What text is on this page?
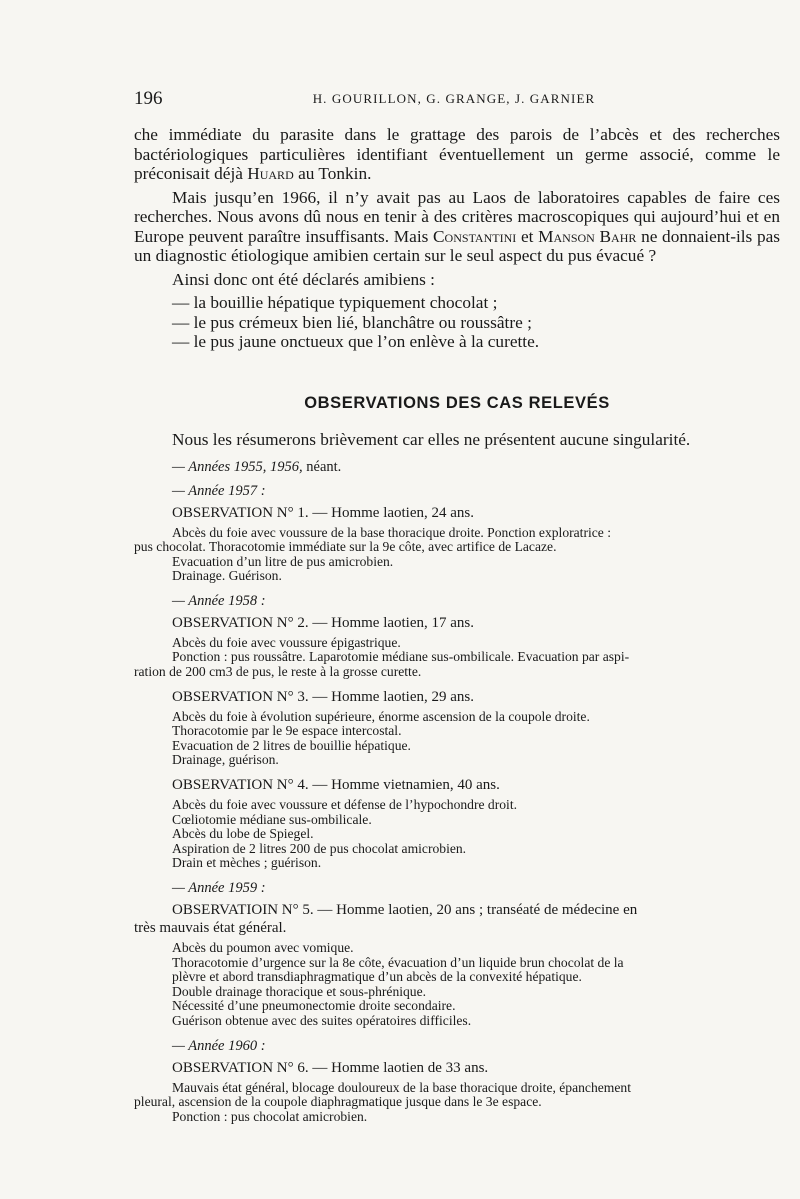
196	H. GOURILLON, G. GRANGE, J. GARNIER

che immédiate du parasite dans le grattage des parois de l’abcès et des recherches bactériologiques particulières identifiant éventuellement un germe associé, comme le préconisait déjà Huard au Tonkin.

Mais jusqu’en 1966, il n’y avait pas au Laos de laboratoires capables de faire ces recherches. Nous avons dû nous en tenir à des critères macroscopiques qui aujourd’hui et en Europe peuvent paraître insuffisants. Mais Constantini et Manson Bahr ne donnaient-ils pas un diagnostic étiologique amibien certain sur le seul aspect du pus évacué ?

Ainsi donc ont été déclarés amibiens :

— la bouillie hépatique typiquement chocolat ;
— le pus crémeux bien lié, blanchâtre ou roussâtre ;
— le pus jaune onctueux que l’on enlève à la curette.
OBSERVATIONS DES CAS RELEVÉS

Nous les résumerons brièvement car elles ne présentent aucune singularité.

— Années 1955, 1956, néant.

— Année 1957 :

OBSERVATION N° 1. — Homme laotien, 24 ans.

Abcès du foie avec voussure de la base thoracique droite. Ponction exploratrice :

pus chocolat. Thoracotomie immédiate sur la 9e côte, avec artifice de Lacaze.

Evacuation d’un litre de pus amicrobien.

Drainage. Guérison.

— Année 1958 :

OBSERVATION N° 2. — Homme laotien, 17 ans.

Abcès du foie avec voussure épigastrique.

Ponction : pus roussâtre. Laparotomie médiane sus-ombilicale. Evacuation par aspi-

ration de 200 cm3 de pus, le reste à la grosse curette.

OBSERVATION N° 3. — Homme laotien, 29 ans.

Abcès du foie à évolution supérieure, énorme ascension de la coupole droite.

Thoracotomie par le 9e espace intercostal.

Evacuation de 2 litres de bouillie hépatique.

Drainage, guérison.

OBSERVATION N° 4. — Homme vietnamien, 40 ans.

Abcès du foie avec voussure et défense de l’hypochondre droit.

Cœliotomie médiane sus-ombilicale.

Abcès du lobe de Spiegel.

Aspiration de 2 litres 200 de pus chocolat amicrobien.

Drain et mèches ; guérison.

— Année 1959 :

OBSERVATIOIN N° 5. — Homme laotien, 20 ans ; transéaté de médecine en
très mauvais état général.

Abcès du poumon avec vomique.

Thoracotomie d’urgence sur la 8e côte, évacuation d’un liquide brun chocolat de la

plèvre et abord transdiaphragmatique d’un abcès de la convexité hépatique.

Double drainage thoracique et sous-phrénique.

Nécessité d’une pneumonectomie droite secondaire.

Guérison obtenue avec des suites opératoires difficiles.

— Année 1960 :

OBSERVATION N° 6. — Homme laotien de 33 ans.

Mauvais état général, blocage douloureux de la base thoracique droite, épanchement

pleural, ascension de la coupole diaphragmatique jusque dans le 3e espace.

Ponction : pus chocolat amicrobien.
